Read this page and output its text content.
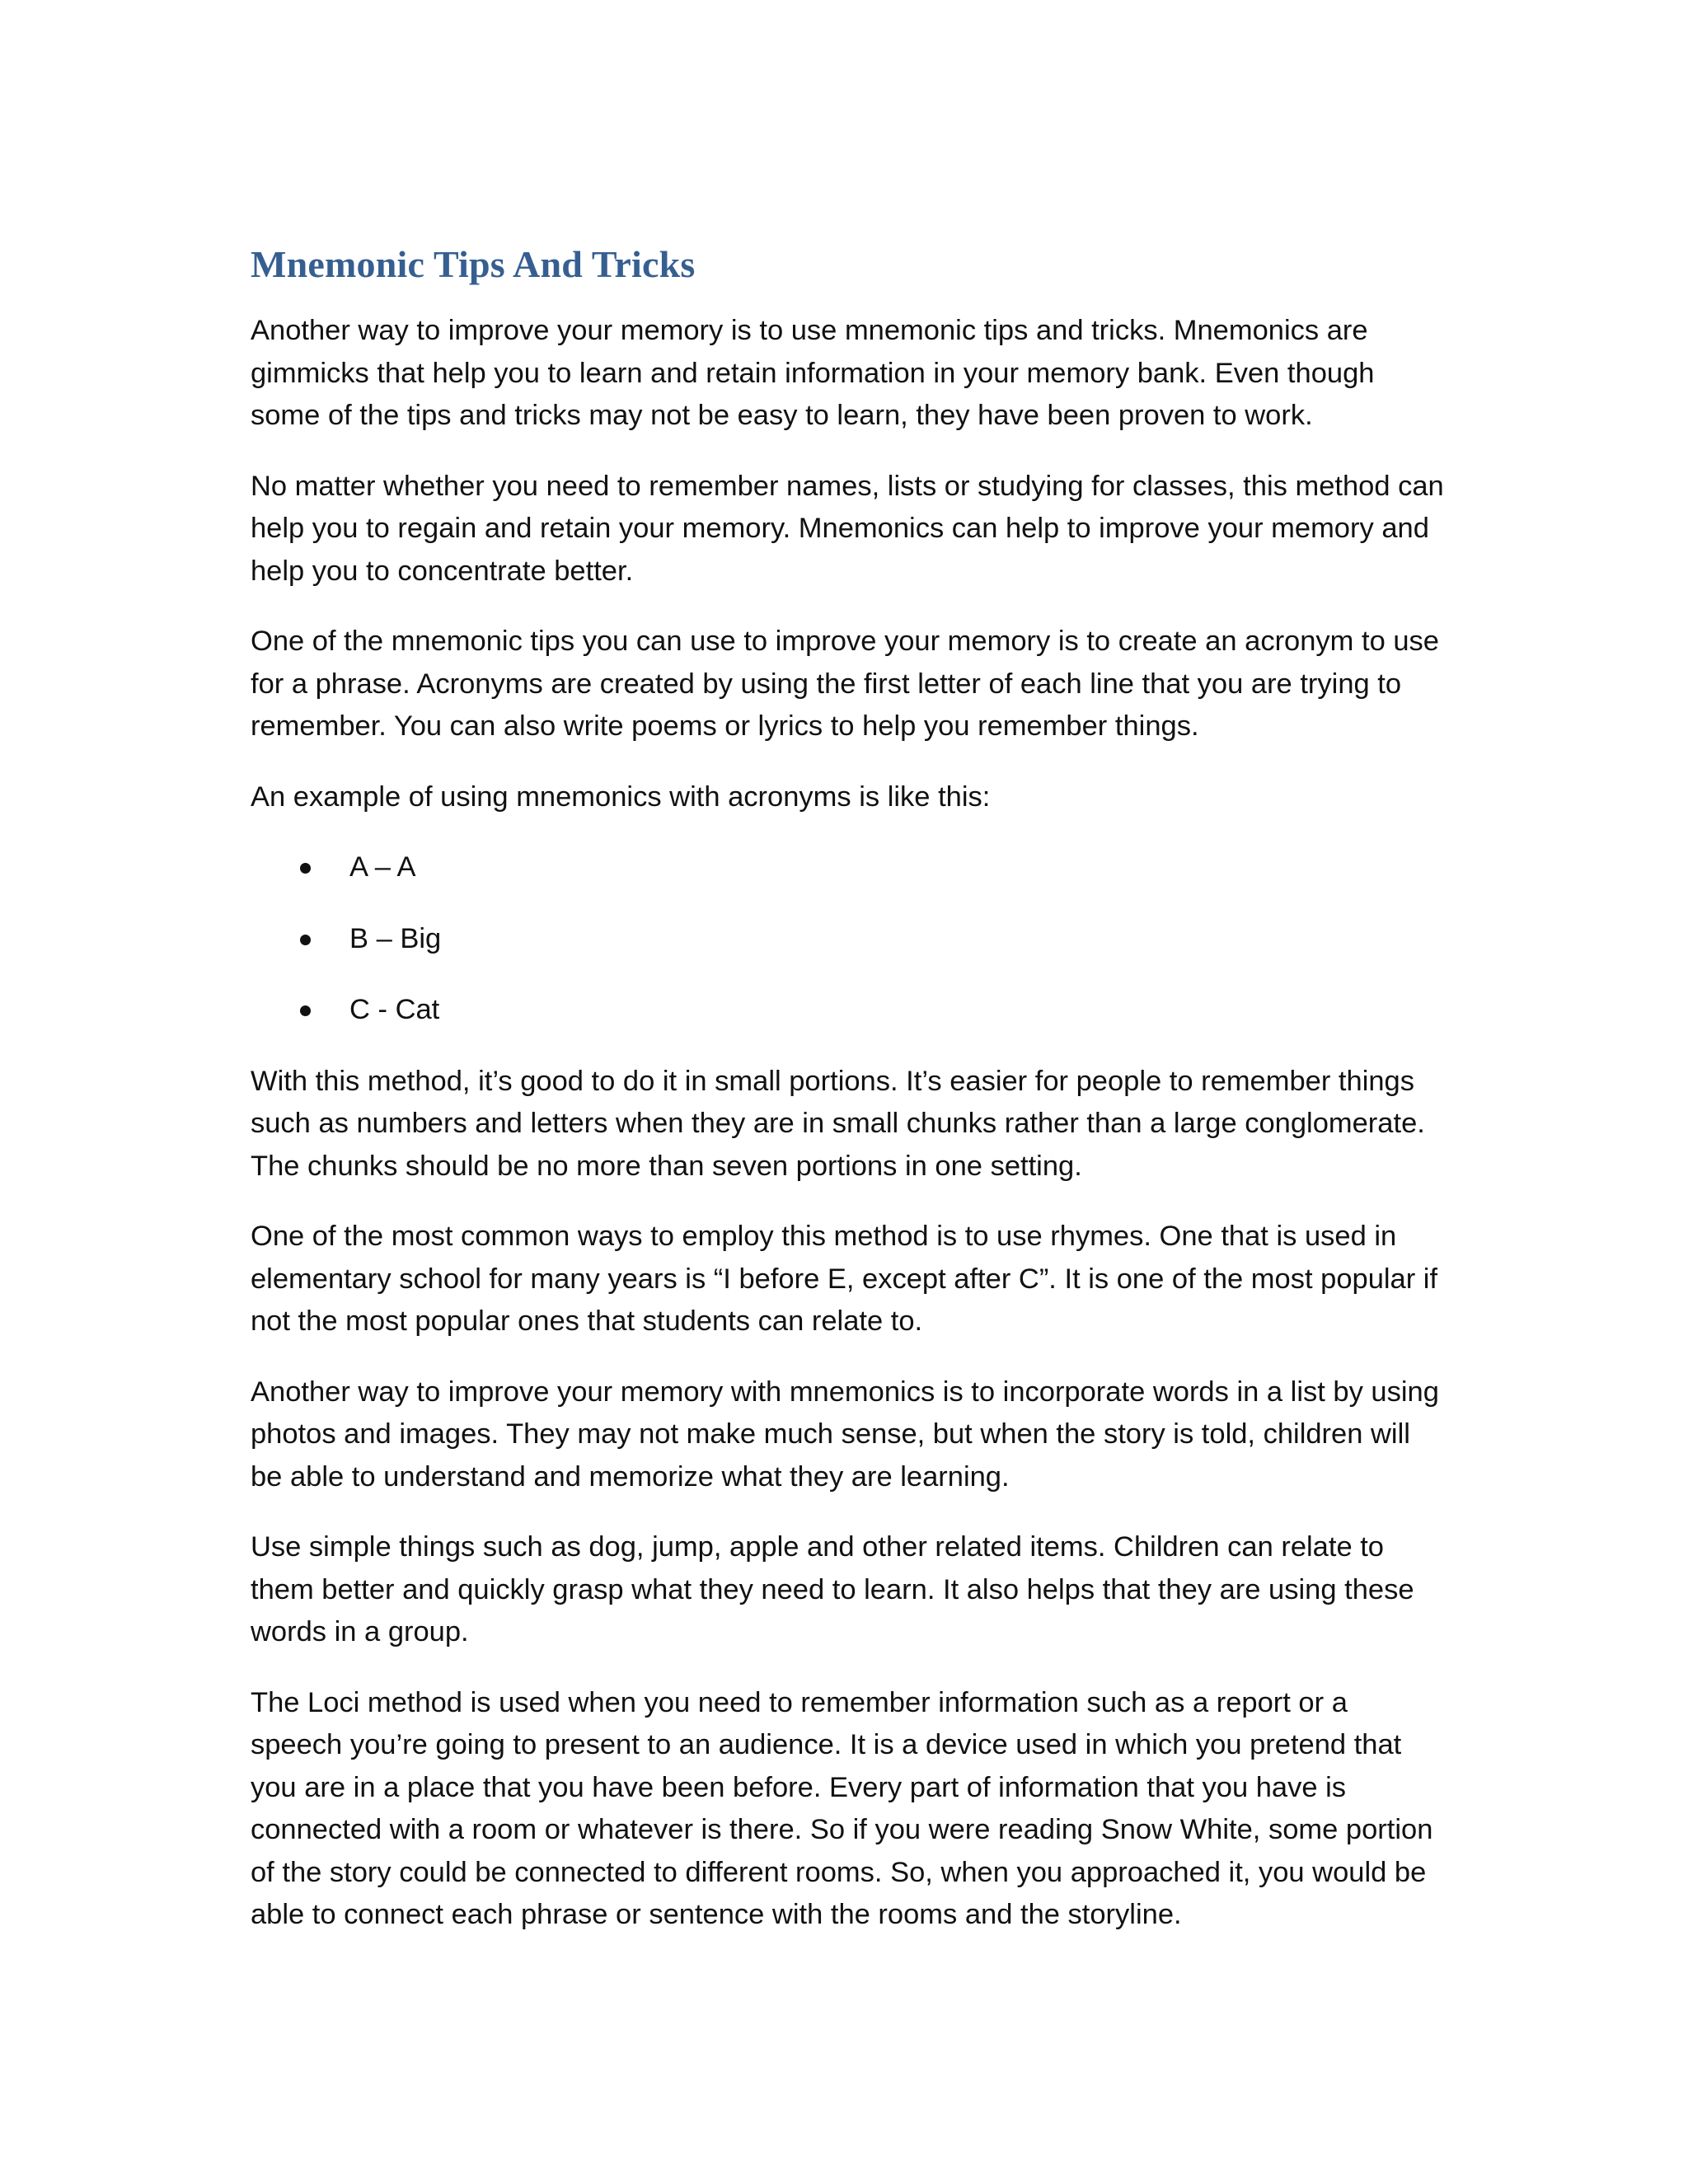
Mnemonic Tips And Tricks

Another way to improve your memory is to use mnemonic tips and tricks. Mnemonics are gimmicks that help you to learn and retain information in your memory bank. Even though some of the tips and tricks may not be easy to learn, they have been proven to work.

No matter whether you need to remember names, lists or studying for classes, this method can help you to regain and retain your memory. Mnemonics can help to improve your memory and help you to concentrate better.

One of the mnemonic tips you can use to improve your memory is to create an acronym to use for a phrase. Acronyms are created by using the first letter of each line that you are trying to remember. You can also write poems or lyrics to help you remember things.

An example of using mnemonics with acronyms is like this:

A – A
B – Big
C - Cat

With this method, it’s good to do it in small portions. It’s easier for people to remember things such as numbers and letters when they are in small chunks rather than a large conglomerate. The chunks should be no more than seven portions in one setting.

One of the most common ways to employ this method is to use rhymes. One that is used in elementary school for many years is “I before E, except after C”. It is one of the most popular if not the most popular ones that students can relate to.

Another way to improve your memory with mnemonics is to incorporate words in a list by using photos and images. They may not make much sense, but when the story is told, children will be able to understand and memorize what they are learning.

Use simple things such as dog, jump, apple and other related items. Children can relate to them better and quickly grasp what they need to learn. It also helps that they are using these words in a group.

The Loci method is used when you need to remember information such as a report or a speech you’re going to present to an audience. It is a device used in which you pretend that you are in a place that you have been before. Every part of information that you have is connected with a room or whatever is there. So if you were reading Snow White, some portion of the story could be connected to different rooms. So, when you approached it, you would be able to connect each phrase or sentence with the rooms and the storyline.
